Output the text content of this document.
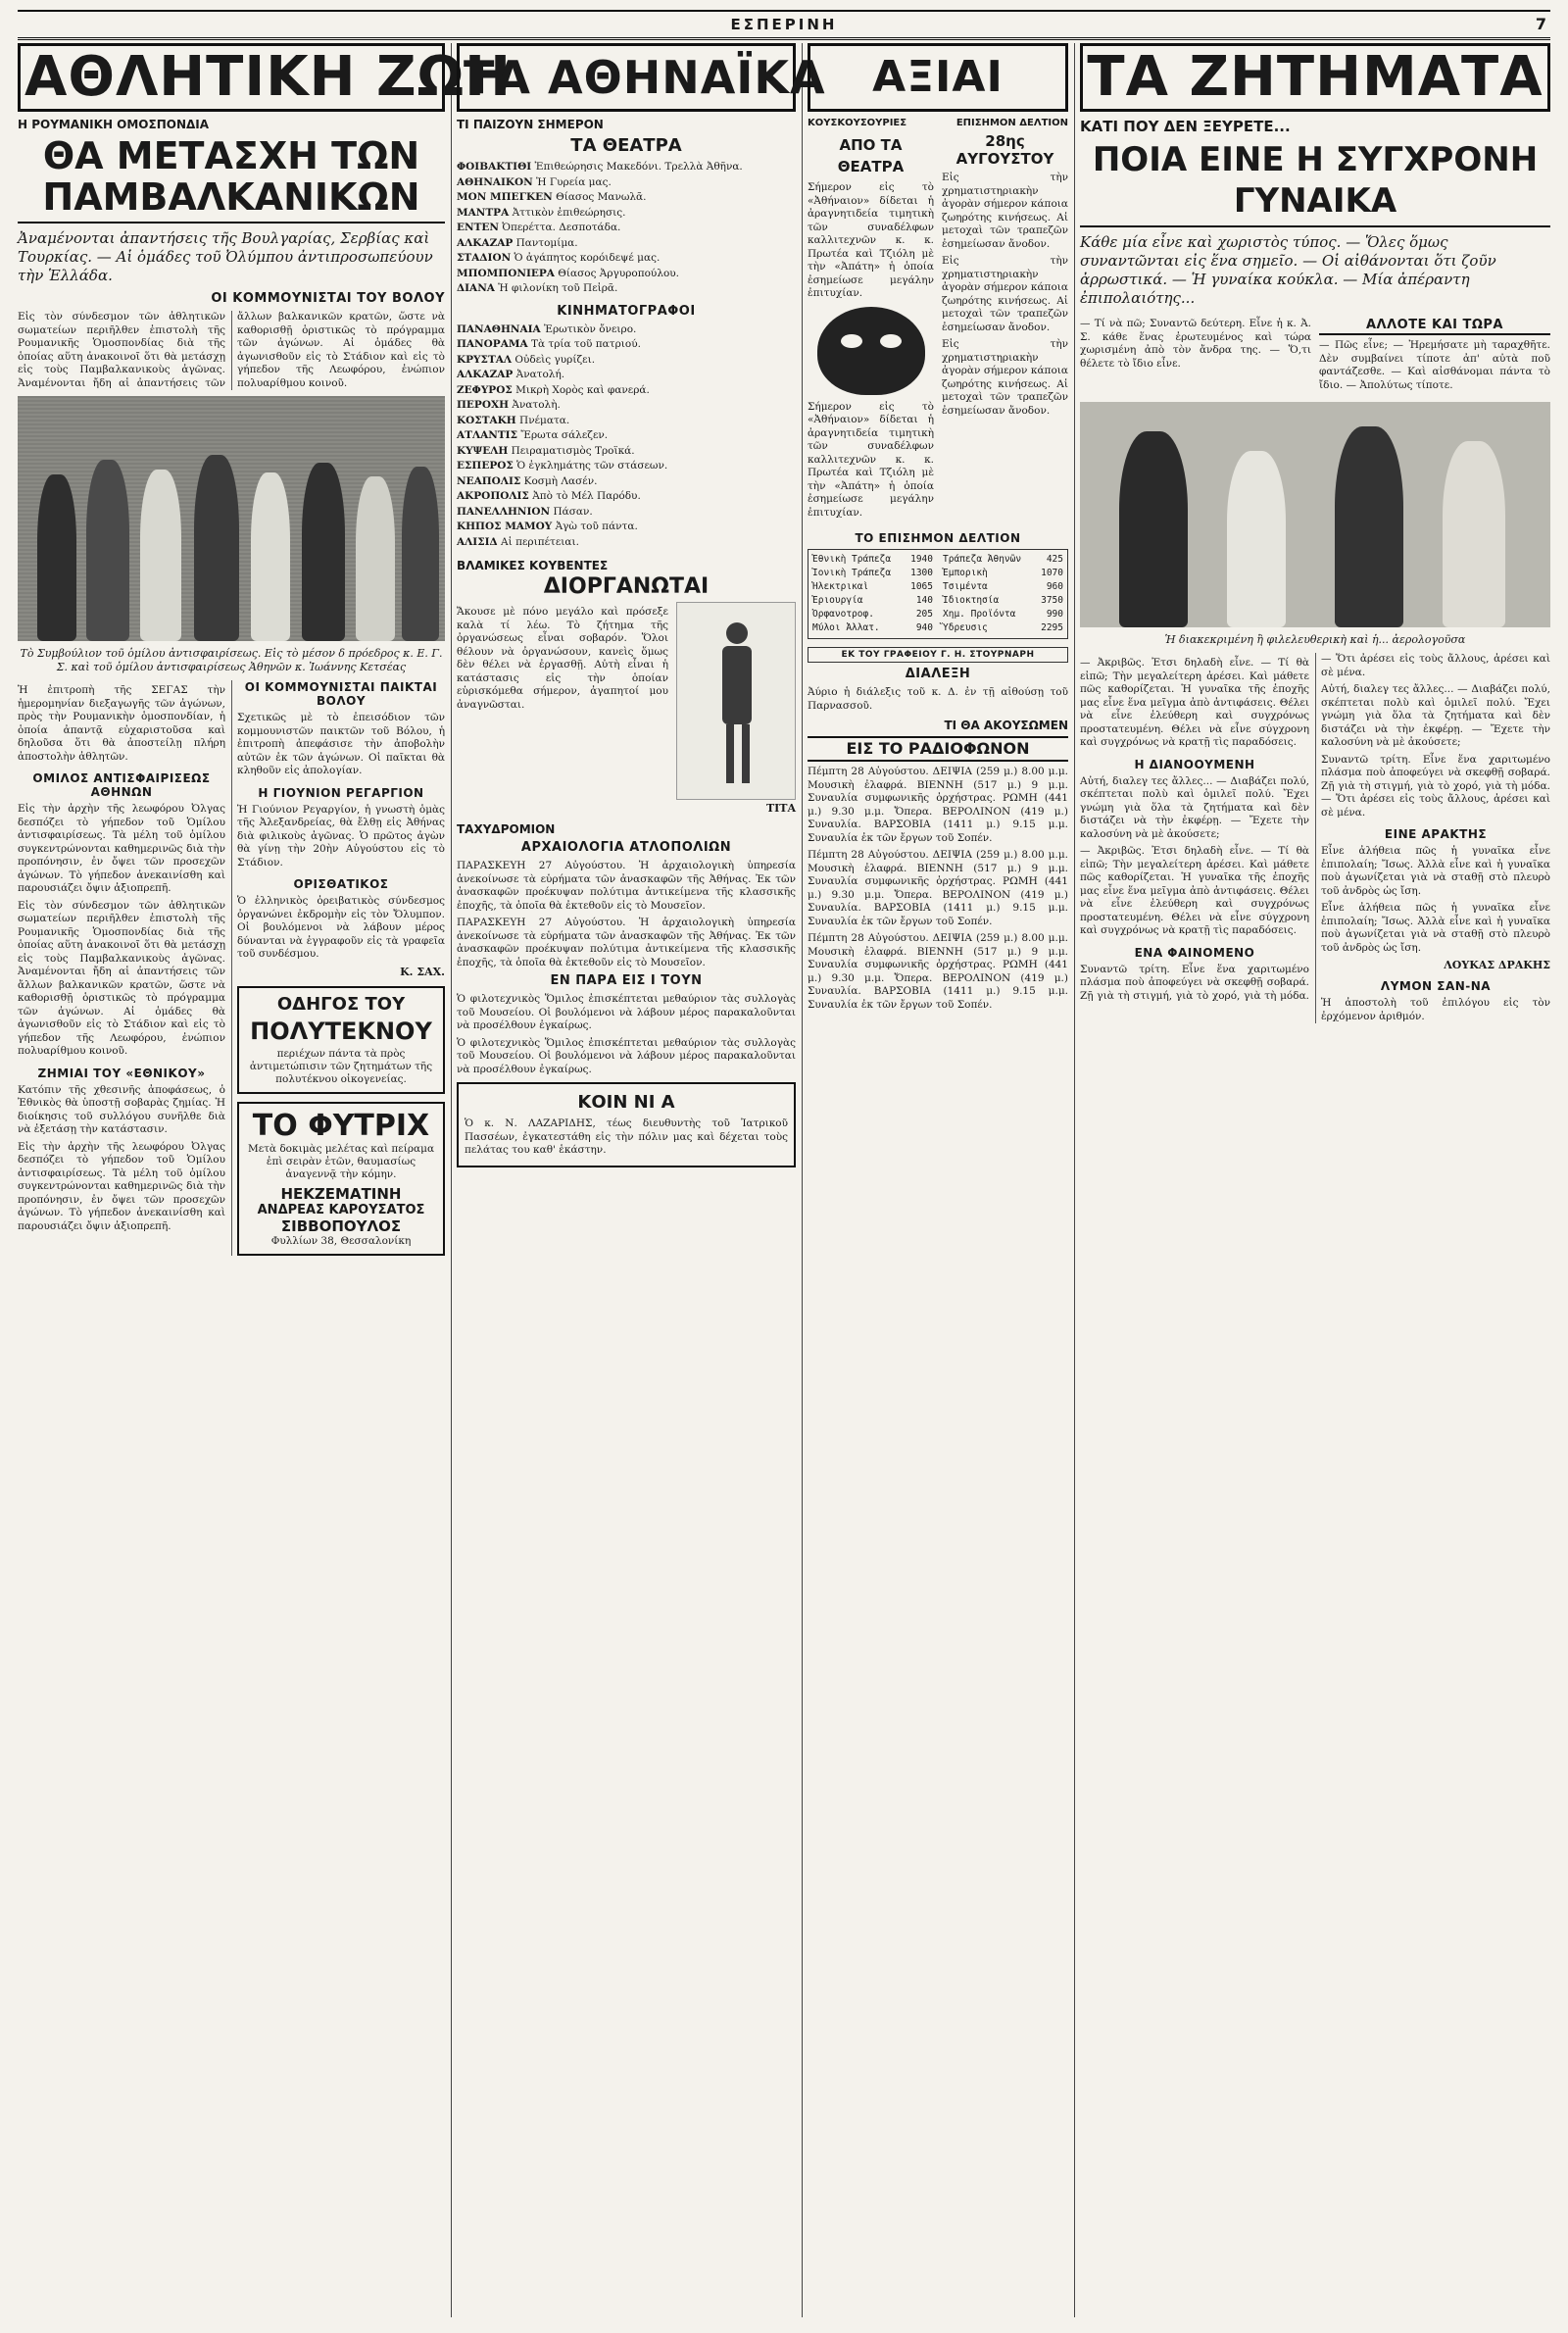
ΕΣΠΕΡΙΝΗ	7
ΑΘΛΗΤΙΚΗ ΖΩΗ
Η ΡΟΥΜΑΝΙΚΗ ΟΜΟΣΠΟΝΔΙΑ
ΘΑ ΜΕΤΑΣΧΗ ΤΩΝ ΠΑΜΒΑΛΚΑΝΙΚΩΝ
Ἀναμένονται ἀπαντήσεις τῆς Βουλγαρίας, Σερβίας καὶ Τουρκίας. — Αἱ ὁμάδες τοῦ Ὀλύμπου ἀντιπροσωπεύουν τὴν Ἑλλάδα.
ΟΙ ΚΟΜΜΟΥΝΙΣΤΑΙ ΤΟΥ ΒΟΛΟΥ
Εἰς τὸν σύνδεσμον τῶν ἀθλητικῶν σωματείων περιῆλθεν ἐπιστολὴ τῆς Ρουμανικῆς Ὁμοσπονδίας διὰ τῆς ὁποίας αὕτη ἀνακοινοῖ ὅτι θὰ μετάσχῃ εἰς τοὺς Παμβαλκανικοὺς ἀγῶνας. Ἀναμένονται ἤδη αἱ ἀπαντήσεις τῶν ἄλλων βαλκανικῶν κρατῶν, ὥστε νὰ καθορισθῇ ὁριστικῶς τὸ πρόγραμμα τῶν ἀγώνων. Αἱ ὁμάδες θὰ ἀγωνισθοῦν εἰς τὸ Στάδιον καὶ εἰς τὸ γήπεδον τῆς Λεωφόρου, ἐνώπιον πολυαρίθμου κοινοῦ.
Τὸ Συμβούλιον τοῦ ὁμίλου ἀντισφαιρίσεως. Εἰς τὸ μέσον δ πρόεδρος κ. Ε. Γ. Σ. καὶ τοῦ ὁμίλου ἀντισφαιρίσεως Ἀθηνῶν κ. Ἰωάννης Κετσέας
Ἡ ἐπιτροπὴ τῆς ΣΕΓΑΣ τὴν ἡμερομηνίαν διεξαγωγῆς τῶν ἀγώνων, πρὸς τὴν Ρουμανικὴν ὁμοσπονδίαν, ἡ ὁποία ἀπαντᾷ εὐχαριστοῦσα καὶ δηλοῦσα ὅτι θὰ ἀποστείλῃ πλήρη ἀποστολὴν ἀθλητῶν.
ΟΜΙΛΟΣ ΑΝΤΙΣΦΑΙΡΙΣΕΩΣ ΑΘΗΝΩΝ
Εἰς τὴν ἀρχὴν τῆς λεωφόρου Ὀλγας δεσπόζει τὸ γήπεδον τοῦ Ὁμίλου ἀντισφαιρίσεως. Τὰ μέλη τοῦ ὁμίλου συγκεντρώνονται καθημερινῶς διὰ τὴν προπόνησιν, ἐν ὄψει τῶν προσεχῶν ἀγώνων. Τὸ γήπεδον ἀνεκαινίσθη καὶ παρουσιάζει ὄψιν ἀξιοπρεπῆ.
Εἰς τὸν σύνδεσμον τῶν ἀθλητικῶν σωματείων περιῆλθεν ἐπιστολὴ τῆς Ρουμανικῆς Ὁμοσπονδίας διὰ τῆς ὁποίας αὕτη ἀνακοινοῖ ὅτι θὰ μετάσχῃ εἰς τοὺς Παμβαλκανικοὺς ἀγῶνας. Ἀναμένονται ἤδη αἱ ἀπαντήσεις τῶν ἄλλων βαλκανικῶν κρατῶν, ὥστε νὰ καθορισθῇ ὁριστικῶς τὸ πρόγραμμα τῶν ἀγώνων. Αἱ ὁμάδες θὰ ἀγωνισθοῦν εἰς τὸ Στάδιον καὶ εἰς τὸ γήπεδον τῆς Λεωφόρου, ἐνώπιον πολυαρίθμου κοινοῦ.
ΖΗΜΙΑΙ ΤΟΥ «ΕΘΝΙΚΟΥ»
Κατόπιν τῆς χθεσινῆς ἀποφάσεως, ὁ Ἐθνικὸς θὰ ὑποστῇ σοβαρὰς ζημίας. Ἡ διοίκησις τοῦ συλλόγου συνῆλθε διὰ νὰ ἐξετάσῃ τὴν κατάστασιν.
Εἰς τὴν ἀρχὴν τῆς λεωφόρου Ὀλγας δεσπόζει τὸ γήπεδον τοῦ Ὁμίλου ἀντισφαιρίσεως. Τὰ μέλη τοῦ ὁμίλου συγκεντρώνονται καθημερινῶς διὰ τὴν προπόνησιν, ἐν ὄψει τῶν προσεχῶν ἀγώνων. Τὸ γήπεδον ἀνεκαινίσθη καὶ παρουσιάζει ὄψιν ἀξιοπρεπῆ.
ΟΙ ΚΟΜΜΟΥΝΙΣΤΑΙ ΠΑΙΚΤΑΙ ΒΟΛΟΥ
Σχετικῶς μὲ τὸ ἐπεισόδιον τῶν κομμουνιστῶν παικτῶν τοῦ Βόλου, ἡ ἐπιτροπὴ ἀπεφάσισε τὴν ἀποβολὴν αὐτῶν ἐκ τῶν ἀγώνων. Οἱ παῖκται θὰ κληθοῦν εἰς ἀπολογίαν.
Η ΓΙΟΥΝΙΟΝ ΡΕΓΑΡΓΙΟΝ
Ἡ Γιούνιον Ρεγαργίον, ἡ γνωστὴ ὁμὰς τῆς Ἀλεξανδρείας, θὰ ἔλθῃ εἰς Ἀθήνας διὰ φιλικοὺς ἀγῶνας. Ὁ πρῶτος ἀγὼν θὰ γίνῃ τὴν 20ὴν Αὐγούστου εἰς τὸ Στάδιον.
ΟΡΙΣΘΑΤΙΚΟΣ
Ὁ ἐλληνικὸς ὀρειβατικὸς σύνδεσμος ὀργανώνει ἐκδρομὴν εἰς τὸν Ὄλυμπον. Οἱ βουλόμενοι νὰ λάβουν μέρος δύνανται νὰ ἐγγραφοῦν εἰς τὰ γραφεῖα τοῦ συνδέσμου.
Κ. ΣΑΧ.
ΟΔΗΓΟΣ ΤΟΥ
ΠΟΛΥΤΕΚΝΟΥ
περιέχων πάντα τὰ πρὸς ἀντιμετώπισιν τῶν ζητημάτων τῆς πολυτέκνου οἰκογενείας.
ΤΟ ΦΥΤΡΙΧ
Μετὰ δοκιμὰς μελέτας καὶ πείραμα ἐπὶ σειρὰν ἐτῶν, θαυμασίως ἀναγεννᾷ τὴν κόμην.
ΗΕΚΖΕΜΑΤΙΝΗ
ΑΝΔΡΕΑΣ ΚΑΡΟΥΣΑΤΟΣ
ΣΙΒΒΟΠΟΥΛΟΣ
Φυλλίων 38, Θεσσαλονίκη
ΤΑ ΑΘΗΝΑΪΚΑ
ΤΙ ΠΑΙΖΟΥΝ ΣΗΜΕΡΟΝ
ΤΑ ΘΕΑΤΡΑ
ΦΟΙΒΑΚΤΙΘΙ Ἐπιθεώρησις Μακεδόνι. Τρελλὰ Ἀθῆνα.
ΑΘΗΝΑΙΚΟΝ Ἡ Γυρεία μας.
ΜΟΝ ΜΠΕΓΚΕΝ Θίασος Μανωλᾶ.
ΜΑΝΤΡΑ Ἀττικὸν ἐπιθεώρησις.
ΕΝΤΕΝ Ὀπερέττα. Δεσποτάδα.
ΑΛΚΑΖΑΡ Παντομίμα.
ΣΤΑΔΙΟΝ Ὁ ἀγάπητος κορόιδεψέ μας.
ΜΠΟΜΠΟΝΙΕΡΑ Θίασος Ἀργυροπούλου.
ΔΙΑΝΑ Ἡ φιλονίκη τοῦ Πεἰρᾶ.
ΚΙΝΗΜΑΤΟΓΡΑΦΟΙ
ΠΑΝΑΘΗΝΑΙΑ Ἐρωτικὸν ὄνειρο.
ΠΑΝΟΡΑΜΑ Τὰ τρία τοῦ πατριού.
ΚΡΥΣΤΑΛ Οὐδεὶς γυρίζει.
ΑΛΚΑΖΑΡ Ἀνατολή.
ΖΕΦΥΡΟΣ Μικρὴ Χορὸς καὶ φανερά.
ΠΕΡΟΧΗ Ἀνατολὴ.
ΚΟΣΤΑΚΗ Πνέματα.
ΑΤΛΑΝΤΙΣ Ἔρωτα σάλεζεν.
ΚΥΨΕΛΗ Πειραματισμὸς Τροϊκά.
ΕΣΠΕΡΟΣ Ὁ ἐγκλημάτης τῶν στάσεων.
ΝΕΑΠΟΛΙΣ Κοσμὴ Λασέν.
ΑΚΡΟΠΟΛΙΣ Ἀπὸ τὸ Μέλ Παρόδυ.
ΠΑΝΕΛΛΗΝΙΟΝ Πάσαν.
ΚΗΠΟΣ ΜΑΜΟΥ Ἀγὼ τοῦ πάντα.
ΑΛΙΣΙΔ Αἱ περιπέτειαι.
ΒΛΑΜΙΚΕΣ ΚΟΥΒΕΝΤΕΣ
ΔΙΟΡΓΑΝΩΤΑΙ
Ἄκουσε μὲ πόνο μεγάλο καὶ πρόσεξε καλὰ τί λέω. Τὸ ζήτημα τῆς ὀργανώσεως εἶναι σοβαρόν. Ὅλοι θέλουν νὰ ὀργανώσουν, κανεὶς ὅμως δὲν θέλει νὰ ἐργασθῇ. Αὐτὴ εἶναι ἡ κατάστασις εἰς τὴν ὁποίαν εὑρισκόμεθα σήμερον, ἀγαπητοί μου ἀναγνῶσται.
ΤΙΤΑ
ΤΑΧΥΔΡΟΜΙΟΝ
ΑΡΧΑΙΟΛΟΓΙΑ ΑΤΛΟΠΟΛΙΩΝ
ΠΑΡΑΣΚΕΥΗ 27 Αὐγούστου. Ἡ ἀρχαιολογικὴ ὑπηρεσία ἀνεκοίνωσε τὰ εὑρήματα τῶν ἀνασκαφῶν τῆς Ἀθήνας. Ἐκ τῶν ἀνασκαφῶν προέκυψαν πολύτιμα ἀντικείμενα τῆς κλασσικῆς ἐποχῆς, τὰ ὁποῖα θὰ ἐκτεθοῦν εἰς τὸ Μουσεῖον.
ΠΑΡΑΣΚΕΥΗ 27 Αὐγούστου. Ἡ ἀρχαιολογικὴ ὑπηρεσία ἀνεκοίνωσε τὰ εὑρήματα τῶν ἀνασκαφῶν τῆς Ἀθήνας. Ἐκ τῶν ἀνασκαφῶν προέκυψαν πολύτιμα ἀντικείμενα τῆς κλασσικῆς ἐποχῆς, τὰ ὁποῖα θὰ ἐκτεθοῦν εἰς τὸ Μουσεῖον.
ΕΝ ΠΑΡΑ ΕΙΣ Ι ΤΟΥΝ
Ὁ φιλοτεχνικὸς Ὅμιλος ἐπισκέπτεται μεθαύριον τὰς συλλογὰς τοῦ Μουσείου. Οἱ βουλόμενοι νὰ λάβουν μέρος παρακαλοῦνται νὰ προσέλθουν ἐγκαίρως.
Ὁ φιλοτεχνικὸς Ὅμιλος ἐπισκέπτεται μεθαύριον τὰς συλλογὰς τοῦ Μουσείου. Οἱ βουλόμενοι νὰ λάβουν μέρος παρακαλοῦνται νὰ προσέλθουν ἐγκαίρως.
ΚΟΙΝ ΝΙ Α
Ὁ κ. Ν. ΛΑΖΑΡΙΔΗΣ, τέως διευθυντὴς τοῦ Ἰατρικοῦ Πασσέων, ἐγκατεστάθη εἰς τὴν πόλιν μας καὶ δέχεται τοὺς πελάτας του καθ' ἑκάστην.
ΑΞΙΑΙ
ΚΟΥΣΚΟΥΣΟΥΡΙΕΣ	ΕΠΙΣΗΜΟΝ ΔΕΛΤΙΟΝ
ΑΠΟ ΤΑ ΘΕΑΤΡΑ
Σήμερον εἰς τὸ «Ἀθήναιον» δίδεται ἡ ἀραγνητιδεία τιμητικὴ τῶν συναδέλφων καλλιτεχνῶν κ. κ. Πρωτέα καὶ Τζιόλη μὲ τὴν «Ἀπάτη» ἡ ὁποία ἐσημείωσε μεγάλην ἐπιτυχίαν.
Σήμερον εἰς τὸ «Ἀθήναιον» δίδεται ἡ ἀραγνητιδεία τιμητικὴ τῶν συναδέλφων καλλιτεχνῶν κ. κ. Πρωτέα καὶ Τζιόλη μὲ τὴν «Ἀπάτη» ἡ ὁποία ἐσημείωσε μεγάλην ἐπιτυχίαν.
28ης ΑΥΓΟΥΣΤΟΥ
Εἰς τὴν χρηματιστηριακὴν ἀγορὰν σήμερον κάποια ζωηρότης κινήσεως. Αἱ μετοχαὶ τῶν τραπεζῶν ἐσημείωσαν ἄνοδον.
Εἰς τὴν χρηματιστηριακὴν ἀγορὰν σήμερον κάποια ζωηρότης κινήσεως. Αἱ μετοχαὶ τῶν τραπεζῶν ἐσημείωσαν ἄνοδον.
Εἰς τὴν χρηματιστηριακὴν ἀγορὰν σήμερον κάποια ζωηρότης κινήσεως. Αἱ μετοχαὶ τῶν τραπεζῶν ἐσημείωσαν ἄνοδον.
ΤΟ ΕΠΙΣΗΜΟΝ ΔΕΛΤΙΟΝ
Ἐθνικὴ Τράπεζα 1940 Τράπεζα Ἀθηνῶν	425
Ἰονικὴ Τράπεζα 1300 Ἐμπορικὴ	1070
Ἠλεκτρικαὶ	1065 Τσιμέντα	960
Ἐριουργία	140 Ἰδιοκτησία	3750
Ὀρφανοτροφ.	205 Χημ. Προϊόντα	990
Μύλοι Ἀλλατ.	940 Ὕδρευσις	2295
ΕΚ ΤΟΥ ΓΡΑΦΕΙΟΥ Γ. Η. ΣΤΟΥΡΝΑΡΗ
ΔΙΑΛΕΞΗ
Ἀύριο ἡ διάλεξις τοῦ κ. Δ. ἐν τῇ αἰθούσῃ τοῦ Παρνασσοῦ.
ΤΙ ΘΑ ΑΚΟΥΣΩΜΕΝ
ΕΙΣ ΤΟ ΡΑΔΙΟΦΩΝΟΝ
Πέμπτη 28 Αὐγούστου. ΔΕΙΨΙΑ (259 μ.) 8.00 μ.μ. Μουσικὴ ἐλαφρά. ΒΙΕΝΝΗ (517 μ.) 9 μ.μ. Συναυλία συμφωνικῆς ὀρχήστρας. ΡΩΜΗ (441 μ.) 9.30 μ.μ. Ὄπερα. ΒΕΡΟΛΙΝΟΝ (419 μ.) Συναυλία. ΒΑΡΣΟΒΙΑ (1411 μ.) 9.15 μ.μ. Συναυλία ἐκ τῶν ἔργων τοῦ Σοπέν.
Πέμπτη 28 Αὐγούστου. ΔΕΙΨΙΑ (259 μ.) 8.00 μ.μ. Μουσικὴ ἐλαφρά. ΒΙΕΝΝΗ (517 μ.) 9 μ.μ. Συναυλία συμφωνικῆς ὀρχήστρας. ΡΩΜΗ (441 μ.) 9.30 μ.μ. Ὄπερα. ΒΕΡΟΛΙΝΟΝ (419 μ.) Συναυλία. ΒΑΡΣΟΒΙΑ (1411 μ.) 9.15 μ.μ. Συναυλία ἐκ τῶν ἔργων τοῦ Σοπέν.
Πέμπτη 28 Αὐγούστου. ΔΕΙΨΙΑ (259 μ.) 8.00 μ.μ. Μουσικὴ ἐλαφρά. ΒΙΕΝΝΗ (517 μ.) 9 μ.μ. Συναυλία συμφωνικῆς ὀρχήστρας. ΡΩΜΗ (441 μ.) 9.30 μ.μ. Ὄπερα. ΒΕΡΟΛΙΝΟΝ (419 μ.) Συναυλία. ΒΑΡΣΟΒΙΑ (1411 μ.) 9.15 μ.μ. Συναυλία ἐκ τῶν ἔργων τοῦ Σοπέν.
ΤΑ ΖΗΤΗΜΑΤΑ
ΚΑΤΙ ΠΟΥ ΔΕΝ ΞΕΥΡΕΤΕ...
ΠΟΙΑ ΕΙΝΕ Η ΣΥΓΧΡΟΝΗ ΓΥΝΑΙΚΑ
Κάθε μία εἶνε καὶ χωριστὸς τύπος. — Ὅλες ὅμως συναντῶνται εἰς ἕνα σημεῖο. — Οἱ αἰθάνονται ὅτι ζοῦν ἀρρωστικά. — Ἡ γυναίκα κούκλα. — Μία ἀπέραντη ἐπιπολαιότης...
— Τί νὰ πῶ; Συναντῶ δεύτερη. Εἶνε ἡ κ. Ἀ. Σ. κάθε ἕνας ἐρωτευμένος καὶ τώρα χωρισμένη ἀπὸ τὸν ἄνδρα της. — Ὅ,τι θέλετε τὸ ἴδιο εἶνε.
ΑΛΛΟΤΕ ΚΑΙ ΤΩΡΑ
— Πῶς εἶνε; — Ἠρεμήσατε μὴ ταραχθῆτε. Δὲν συμβαίνει τίποτε ἀπ' αὐτὰ ποῦ φαντάζεσθε. — Καὶ αἰσθάνομαι πάντα τὸ ἴδιο. — Ἀπολύτως τίποτε.
Ἡ διακεκριμένη ἢ φιλελευθερικὴ καὶ ἡ... ἀερολογοῦσα
— Ἀκριβῶς. Ἐτσι δηλαδὴ εἶνε. — Τί θὰ εἰπῶ; Τὴν μεγαλείτερη ἀρέσει. Καὶ μάθετε πῶς καθορίζεται. Ἡ γυναῖκα τῆς ἐποχῆς μας εἶνε ἕνα μεῖγμα ἀπὸ ἀντιφάσεις. Θέλει νὰ εἶνε ἐλεύθερη καὶ συγχρόνως προστατευμένη. Θέλει νὰ εἶνε σύγχρονη καὶ συγχρόνως νὰ κρατῇ τὶς παραδόσεις.
Η ΔΙΑΝΟΟΥΜΕΝΗ
Αὐτή, διαλεγ τες ἄλλες... — Διαβάζει πολύ, σκέπτεται πολὺ καὶ ὁμιλεῖ πολύ. Ἔχει γνώμη γιὰ ὅλα τὰ ζητήματα καὶ δὲν διστάζει νὰ τὴν ἐκφέρῃ. — Ἔχετε τὴν καλοσύνη νὰ μὲ ἀκούσετε;
— Ἀκριβῶς. Ἐτσι δηλαδὴ εἶνε. — Τί θὰ εἰπῶ; Τὴν μεγαλείτερη ἀρέσει. Καὶ μάθετε πῶς καθορίζεται. Ἡ γυναῖκα τῆς ἐποχῆς μας εἶνε ἕνα μεῖγμα ἀπὸ ἀντιφάσεις. Θέλει νὰ εἶνε ἐλεύθερη καὶ συγχρόνως προστατευμένη. Θέλει νὰ εἶνε σύγχρονη καὶ συγχρόνως νὰ κρατῇ τὶς παραδόσεις.
ΕΝΑ ΦΑΙΝΟΜΕΝΟ
Συναντῶ τρίτη. Εἶνε ἕνα χαριτωμένο πλάσμα ποὺ ἀποφεύγει νὰ σκεφθῇ σοβαρά. Ζῇ γιὰ τὴ στιγμή, γιὰ τὸ χορό, γιὰ τὴ μόδα. — Ὅτι ἀρέσει εἰς τοὺς ἄλλους, ἀρέσει καὶ σὲ μένα.
Αὐτή, διαλεγ τες ἄλλες... — Διαβάζει πολύ, σκέπτεται πολὺ καὶ ὁμιλεῖ πολύ. Ἔχει γνώμη γιὰ ὅλα τὰ ζητήματα καὶ δὲν διστάζει νὰ τὴν ἐκφέρῃ. — Ἔχετε τὴν καλοσύνη νὰ μὲ ἀκούσετε;
Συναντῶ τρίτη. Εἶνε ἕνα χαριτωμένο πλάσμα ποὺ ἀποφεύγει νὰ σκεφθῇ σοβαρά. Ζῇ γιὰ τὴ στιγμή, γιὰ τὸ χορό, γιὰ τὴ μόδα. — Ὅτι ἀρέσει εἰς τοὺς ἄλλους, ἀρέσει καὶ σὲ μένα.
ΕΙΝΕ ΑΡΑΚΤΗΣ
Εἶνε ἀλήθεια πῶς ἡ γυναῖκα εἶνε ἐπιπολαίη; Ἴσως. Ἀλλὰ εἶνε καὶ ἡ γυναῖκα ποὺ ἀγωνίζεται γιὰ νὰ σταθῇ στὸ πλευρὸ τοῦ ἀνδρὸς ὡς ἴση.
Εἶνε ἀλήθεια πῶς ἡ γυναῖκα εἶνε ἐπιπολαίη; Ἴσως. Ἀλλὰ εἶνε καὶ ἡ γυναῖκα ποὺ ἀγωνίζεται γιὰ νὰ σταθῇ στὸ πλευρὸ τοῦ ἀνδρὸς ὡς ἴση.
ΛΟΥΚΑΣ ΔΡΑΚΗΣ
ΛΥΜΟΝ ΣΑΝ-ΝΑ
Ἡ ἀποστολὴ τοῦ ἐπιλόγου εἰς τὸν ἐρχόμενον ἀριθμόν.
